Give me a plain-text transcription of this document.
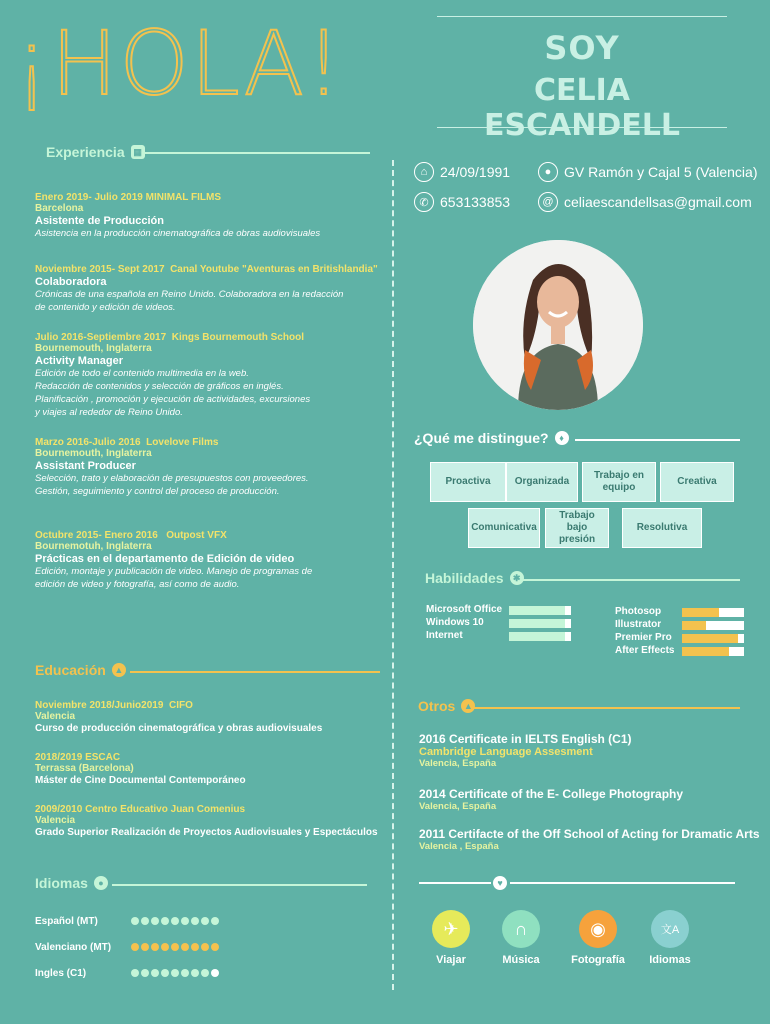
¡HOLA!	SOY
CELIA ESCANDELL
Experiencia ▦
Enero 2019- Julio 2019 MINIMAL FILMS
Barcelona
Asistente de Producción
Asistencia en la producción cinematográfica de obras audiovisuales
Noviembre 2015- Sept 2017 Canal Youtube "Aventuras en Britishlandia"
Colaboradora
Crónicas de una española en Reino Unido. Colaboradora en la redacción
de contenido y edición de videos.
Julio 2016-Septiembre 2017 Kings Bournemouth School
Bournemouth, Inglaterra
Activity Manager
Edición de todo el contenido multimedia en la web.
Redacción de contenidos y selección de gráficos en inglés.
Planificación , promoción y ejecución de actividades, excursiones
y viajes al rededor de Reino Unido.
Marzo 2016-Julio 2016 Lovelove Films
Bournemouth, Inglaterra
Assistant Producer
Selección, trato y elaboración de presupuestos con proveedores.
Gestión, seguimiento y control del proceso de producción.
Octubre 2015- Enero 2016 Outpost VFX
Bournemotuh, Inglaterra
Prácticas en el departamento de Edición de video
Edición, montaje y publicación de video. Manejo de programas de
edición de video y fotografía, así como de audio.
Educación ▲
Noviembre 2018/Junio2019 CIFO
Valencia
Curso de producción cinematográfica y obras audiovisuales
2018/2019 ESCAC
Terrassa (Barcelona)
Máster de Cine Documental Contemporáneo
2009/2010 Centro Educativo Juan Comenius
Valencia
Grado Superior Realización de Proyectos Audiovisuales y Espectáculos
Idiomas	●
Español (MT)
Valenciano (MT)
Ingles (C1)
⌂ 24/09/1991	● GV Ramón y Cajal 5 (Valencia)
✆ 653133853	@ celiaescandellsas@gmail.com
¿Qué me distingue?	♦
Proactiva	Organizada
Trabajo en equipo
Creativa
Comunicativa
Trabajo bajo presión
Resolutiva
Habilidades	✱
Microsoft Office
Windows 10
Internet
Photosop
Illustrator
Premier Pro
After Effects
Otros ▲
2016 Certificate in IELTS English (C1)
Cambridge Language Assesment
Valencia, España
2014 Certificate of the E- College Photography
Valencia, España
2011 Certifacte of the Off School of Acting for Dramatic Arts
Valencia , España
♥
✈
Viajar
∩
Música
◉
Fotografía
文A
Idiomas
